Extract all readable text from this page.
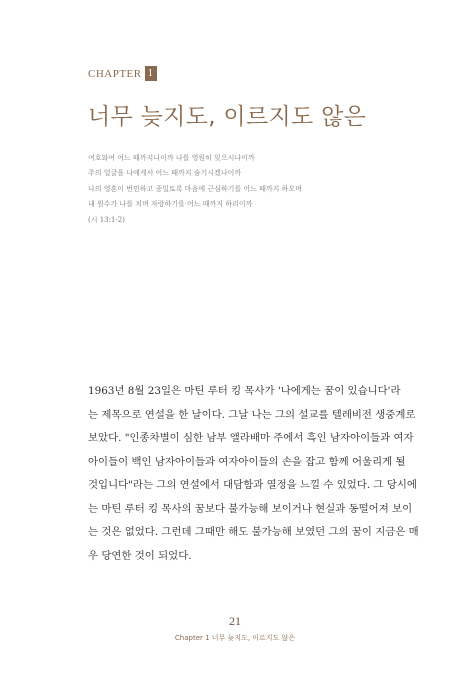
CHAPTER 1
너무 늦지도, 이르지도 않은
여호와여 어느 때까지니이까 나를 영원히 잊으시나이까
주의 얼굴을 나에게서 어느 때까지 숨기시겠나이까
나의 영혼이 번민하고 종일토록 마음에 근심하기를 어느 때까지 하오며
내 원수가 나를 치며 자랑하기를 어느 때까지 하리이까
(시 13:1-2)
1963년 8월 23일은 마틴 루터 킹 목사가 '나에게는 꿈이 있습니다'라
는 제목으로 연설을 한 날이다. 그날 나는 그의 설교를 텔레비전 생중계로
보았다. "인종차별이 심한 남부 앨라배마 주에서 흑인 남자아이들과 여자
아이들이 백인 남자아이들과 여자아이들의 손을 잡고 함께 어울리게 될
것입니다"라는 그의 연설에서 대담함과 열정을 느낄 수 있었다. 그 당시에
는 마틴 루터 킹 목사의 꿈보다 불가능해 보이거나 현실과 동떨어져 보이
는 것은 없었다. 그런데 그때만 해도 불가능해 보였던 그의 꿈이 지금은 매
우 당연한 것이 되었다.
21
Chapter 1 너무 늦지도, 이르지도 않은
